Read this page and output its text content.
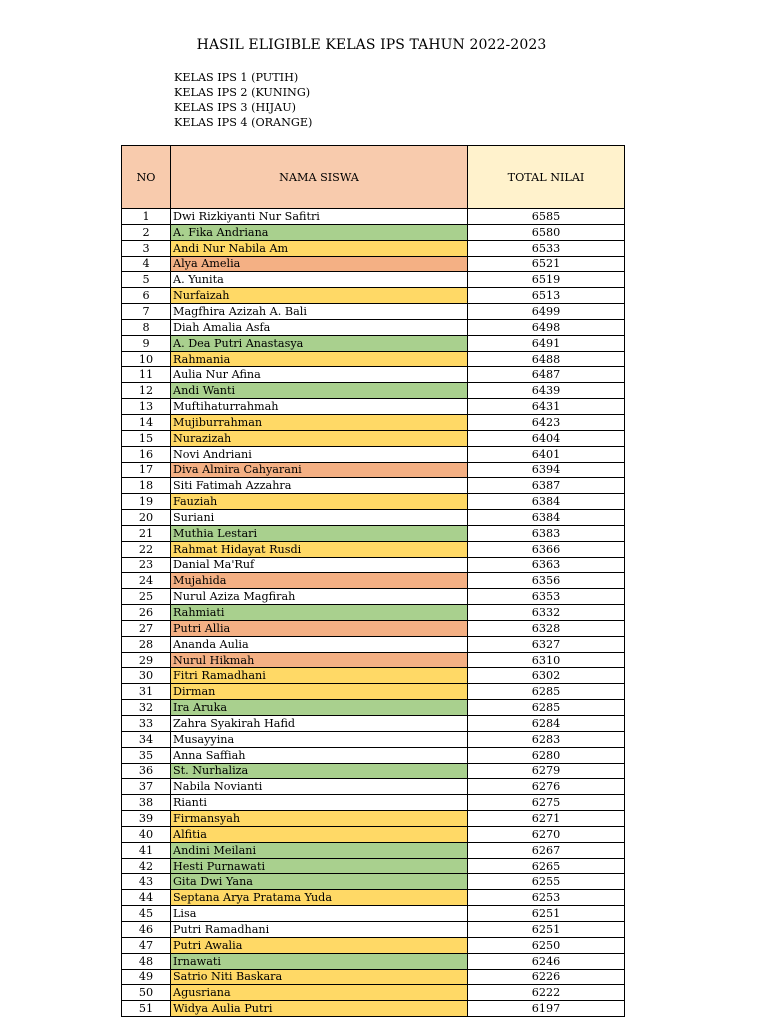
HASIL ELIGIBLE KELAS IPS TAHUN 2022-2023
KELAS IPS 1 (PUTIH)
KELAS IPS 2 (KUNING)
KELAS IPS 3 (HIJAU)
KELAS IPS 4 (ORANGE)
NO	NAMA SISWA	TOTAL NILAI
1	Dwi Rizkiyanti Nur Safitri	6585
2	A. Fika Andriana	6580
3	Andi Nur Nabila Am	6533
4	Alya Amelia	6521
5	A. Yunita	6519
6	Nurfaizah	6513
7	Magfhira Azizah A. Bali	6499
8	Diah Amalia Asfa	6498
9	A. Dea Putri Anastasya	6491
10	Rahmania	6488
11	Aulia Nur Afina	6487
12	Andi Wanti	6439
13	Muftihaturrahmah	6431
14	Mujiburrahman	6423
15	Nurazizah	6404
16	Novi Andriani	6401
17	Diva Almira Cahyarani	6394
18	Siti Fatimah Azzahra	6387
19	Fauziah	6384
20	Suriani	6384
21	Muthia Lestari	6383
22	Rahmat Hidayat Rusdi	6366
23	Danial Ma'Ruf	6363
24	Mujahida	6356
25	Nurul Aziza Magfirah	6353
26	Rahmiati	6332
27	Putri Allia	6328
28	Ananda Aulia	6327
29	Nurul Hikmah	6310
30	Fitri Ramadhani	6302
31	Dirman	6285
32	Ira Aruka	6285
33	Zahra Syakirah Hafid	6284
34	Musayyina	6283
35	Anna Saffiah	6280
36	St. Nurhaliza	6279
37	Nabila Novianti	6276
38	Rianti	6275
39	Firmansyah	6271
40	Alfitia	6270
41	Andini Meilani	6267
42	Hesti Purnawati	6265
43	Gita Dwi Yana	6255
44	Septana Arya Pratama Yuda	6253
45	Lisa	6251
46	Putri Ramadhani	6251
47	Putri Awalia	6250
48	Irnawati	6246
49	Satrio Niti Baskara	6226
50	Agusriana	6222
51	Widya Aulia Putri	6197
